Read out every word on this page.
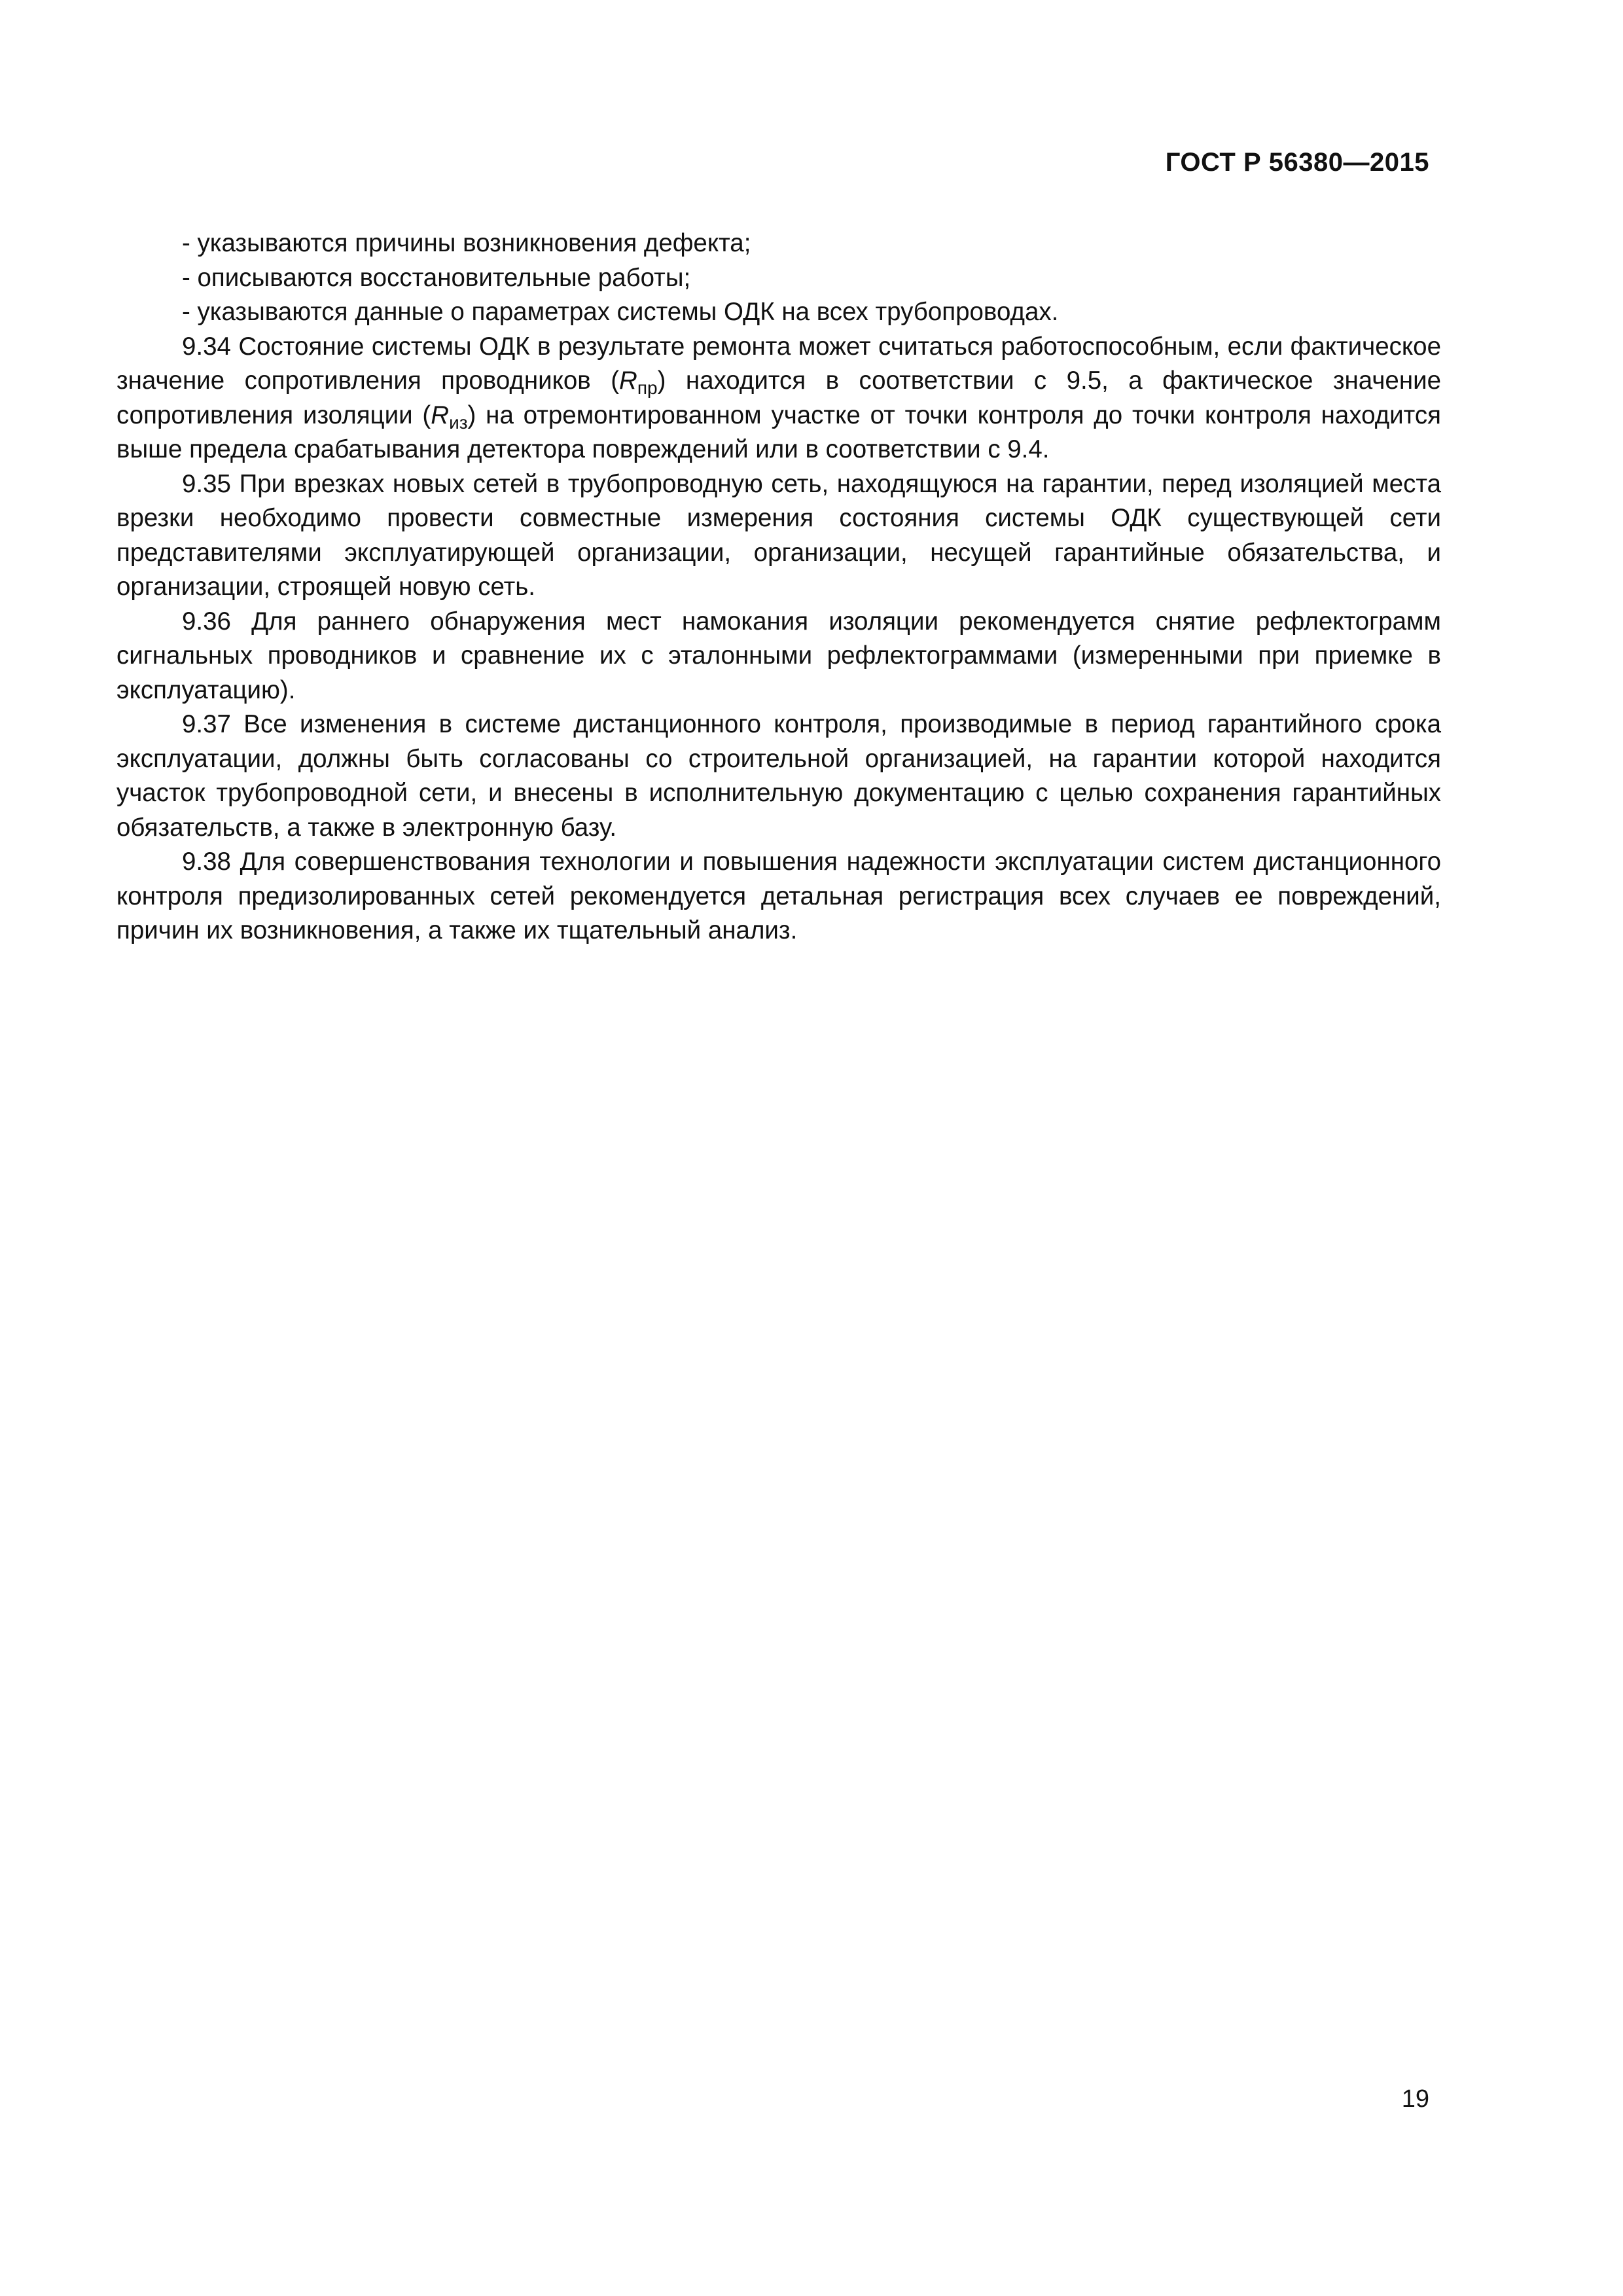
ГОСТ Р 56380—2015

- указываются причины возникновения дефекта;

- описываются восстановительные работы;

- указываются данные о параметрах системы ОДК на всех трубопроводах.

9.34 Состояние системы ОДК в результате ремонта может считаться работоспособным, если фактическое значение сопротивления проводников $(R_{пр})$ находится в соответствии с 9.5, а фактическое значение сопротивления изоляции $(R_{из})$ на отремонтированном участке от точки контроля до точки контроля находится выше предела срабатывания детектора повреждений или в соответствии с 9.4.

9.35 При врезках новых сетей в трубопроводную сеть, находящуюся на гарантии, перед изоляцией места врезки необходимо провести совместные измерения состояния системы ОДК существующей сети представителями эксплуатирующей организации, организации, несущей гарантийные обязательства, и организации, строящей новую сеть.

9.36 Для раннего обнаружения мест намокания изоляции рекомендуется снятие рефлектограмм сигнальных проводников и сравнение их с эталонными рефлектограммами (измеренными при приемке в эксплуатацию).

9.37 Все изменения в системе дистанционного контроля, производимые в период гарантийного срока эксплуатации, должны быть согласованы со строительной организацией, на гарантии которой находится участок трубопроводной сети, и внесены в исполнительную документацию с целью сохранения гарантийных обязательств, а также в электронную базу.

9.38 Для совершенствования технологии и повышения надежности эксплуатации систем дистанционного контроля предизолированных сетей рекомендуется детальная регистрация всех случаев ее повреждений, причин их возникновения, а также их тщательный анализ.

19
